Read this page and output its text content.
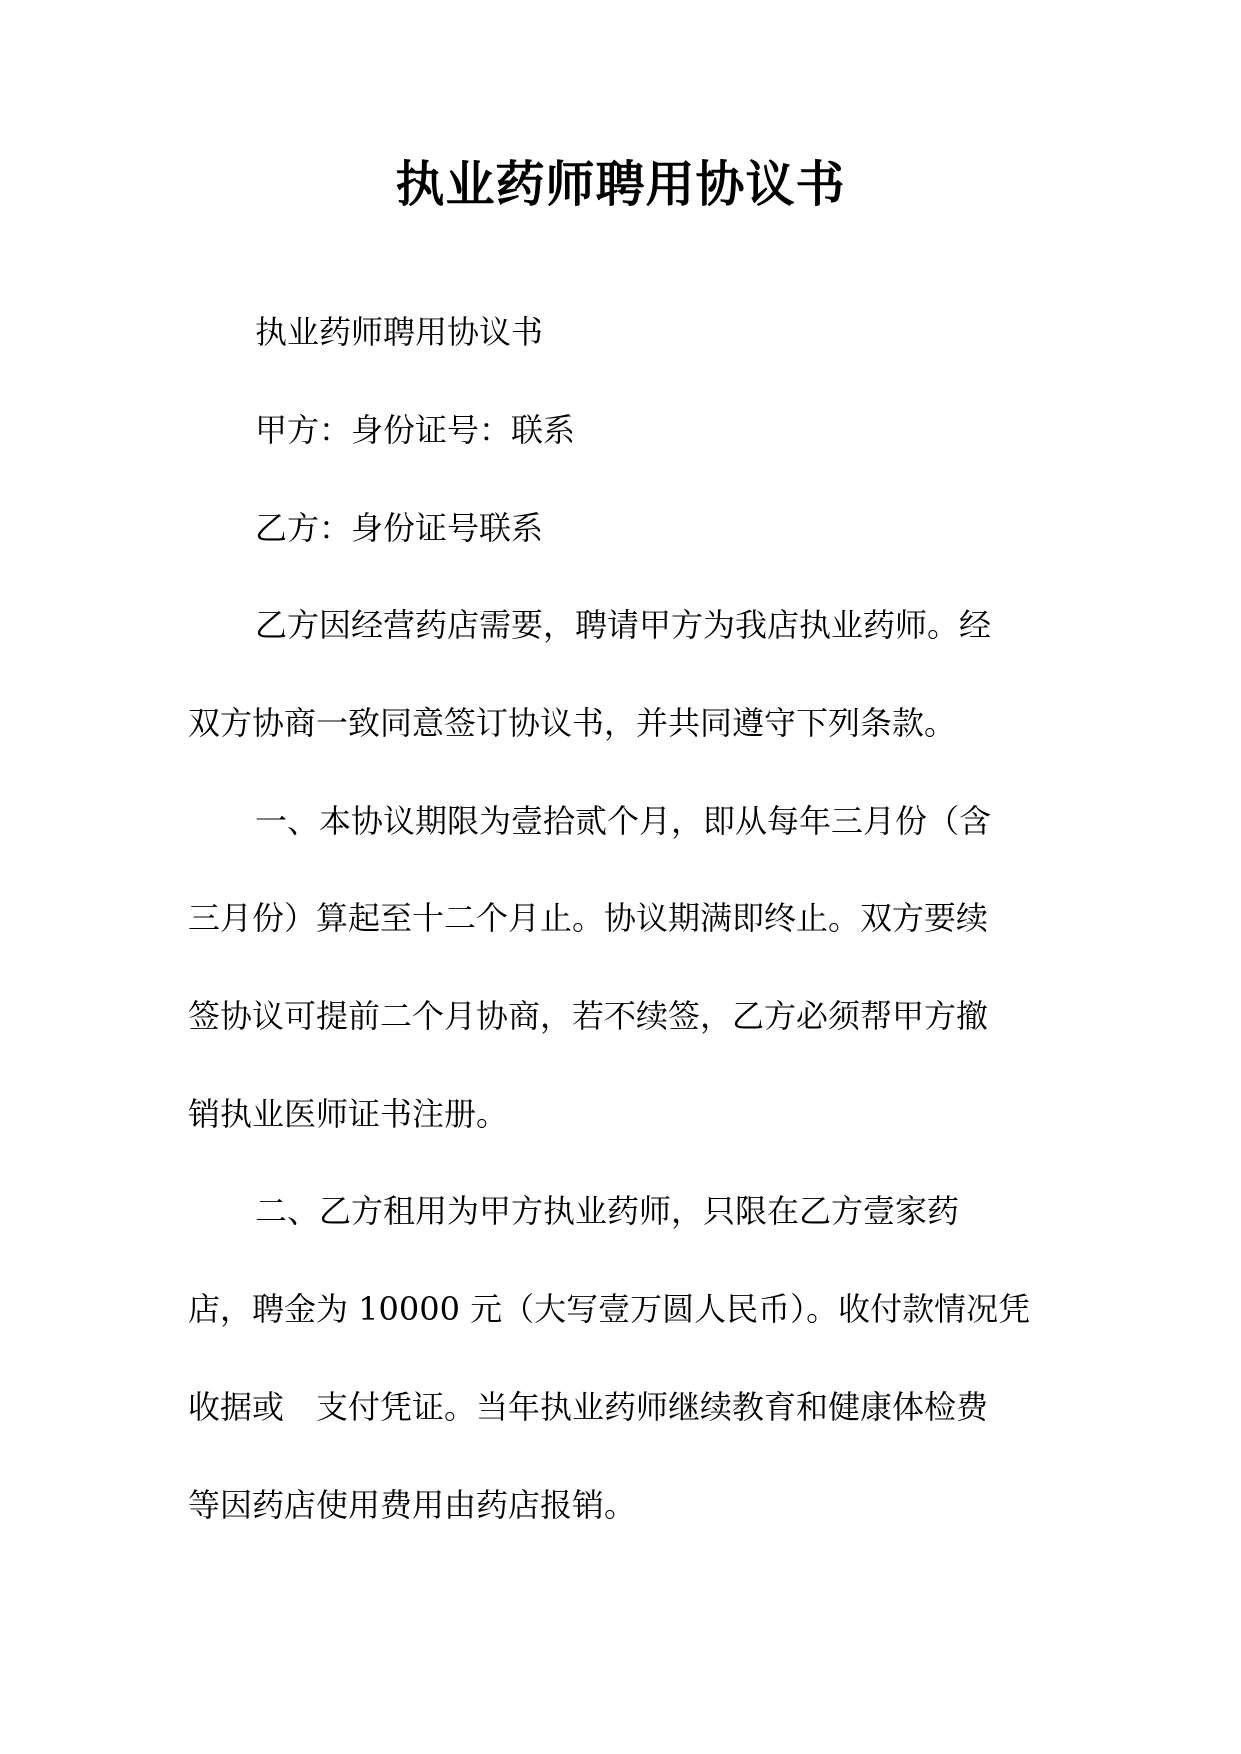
执业药师聘用协议书

执业药师聘用协议书

甲方：身份证号：联系

乙方：身份证号联系

乙方因经营药店需要，聘请甲方为我店执业药师。经

双方协商一致同意签订协议书，并共同遵守下列条款。

一、本协议期限为壹拾贰个月，即从每年三月份（含

三月份）算起至十二个月止。协议期满即终止。双方要续

签协议可提前二个月协商，若不续签，乙方必须帮甲方撤

销执业医师证书注册。

二、乙方租用为甲方执业药师，只限在乙方壹家药

店，聘金为 10000 元（大写壹万圆人民币）。收付款情况凭

收据或　支付凭证。当年执业药师继续教育和健康体检费

等因药店使用费用由药店报销。
